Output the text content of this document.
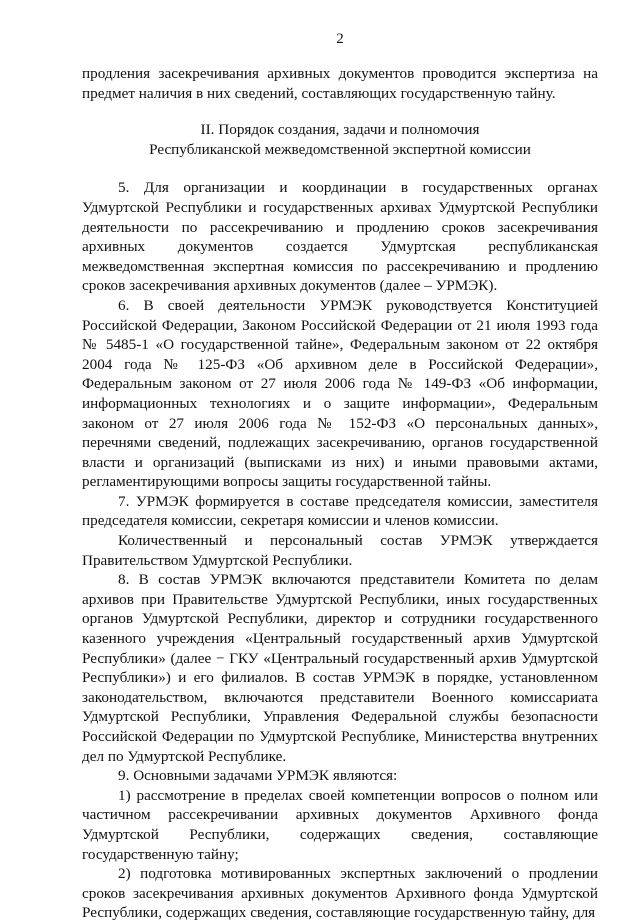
2

продления засекречивания архивных документов проводится экспертиза на предмет наличия в них сведений, составляющих государственную тайну.

II. Порядок создания, задачи и полномочия
Республиканской межведомственной экспертной комиссии

5. Для организации и координации в государственных органах Удмуртской Республики и государственных архивах Удмуртской Республики деятельности по рассекречиванию и продлению сроков засекречивания архивных документов создается Удмуртская республиканская межведомственная экспертная комиссия по рассекречиванию и продлению сроков засекречивания архивных документов (далее – УРМЭК).

6. В своей деятельности УРМЭК руководствуется Конституцией Российской Федерации, Законом Российской Федерации от 21 июля 1993 года № 5485-1 «О государственной тайне», Федеральным законом от 22 октября 2004 года № 125-ФЗ «Об архивном деле в Российской Федерации», Федеральным законом от 27 июля 2006 года № 149-ФЗ «Об информации, информационных технологиях и о защите информации», Федеральным законом от 27 июля 2006 года № 152-ФЗ «О персональных данных», перечнями сведений, подлежащих засекречиванию, органов государственной власти и организаций (выписками из них) и иными правовыми актами, регламентирующими вопросы защиты государственной тайны.

7. УРМЭК формируется в составе председателя комиссии, заместителя председателя комиссии, секретаря комиссии и членов комиссии.

Количественный и персональный состав УРМЭК утверждается Правительством Удмуртской Республики.

8. В состав УРМЭК включаются представители Комитета по делам архивов при Правительстве Удмуртской Республики, иных государственных органов Удмуртской Республики, директор и сотрудники государственного казенного учреждения «Центральный государственный архив Удмуртской Республики» (далее − ГКУ «Центральный государственный архив Удмуртской Республики») и его филиалов. В состав УРМЭК в порядке, установленном законодательством, включаются представители Военного комиссариата Удмуртской Республики, Управления Федеральной службы безопасности Российской Федерации по Удмуртской Республике, Министерства внутренних дел по Удмуртской Республике.

9. Основными задачами УРМЭК являются:

1) рассмотрение в пределах своей компетенции вопросов о полном или частичном рассекречивании архивных документов Архивного фонда Удмуртской Республики, содержащих сведения, составляющие государственную тайну;

2) подготовка мотивированных экспертных заключений о продлении сроков засекречивания архивных документов Архивного фонда Удмуртской Республики, содержащих сведения, составляющие государственную тайну, для
